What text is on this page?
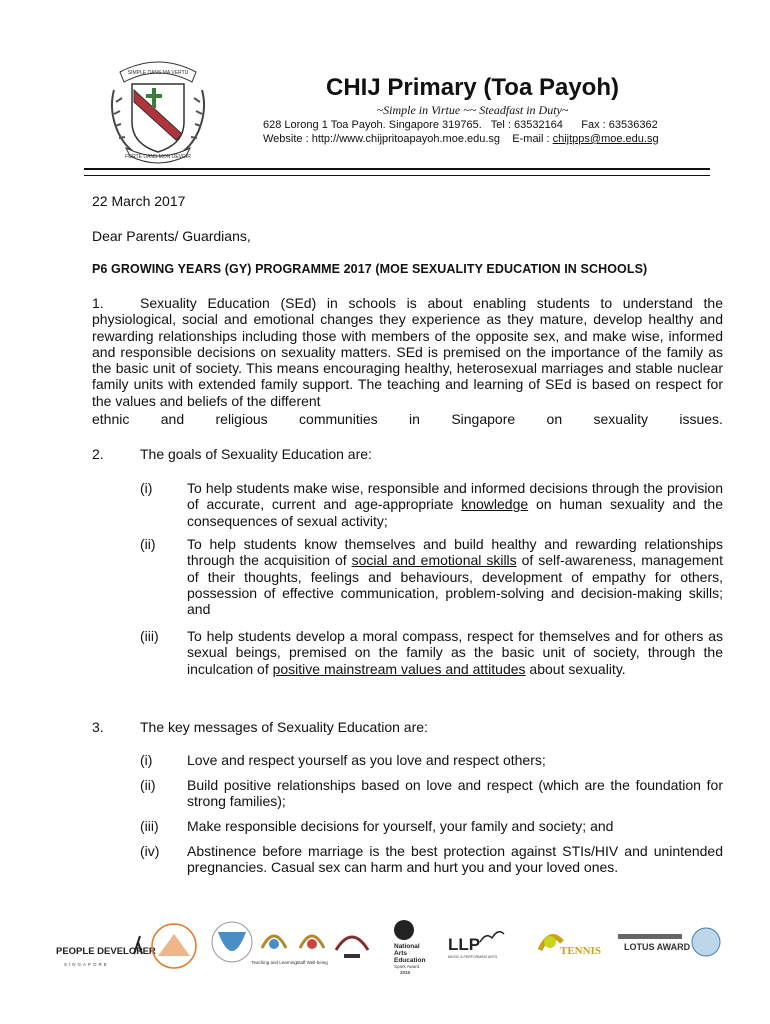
SIMPLE DANS MA VERTU
FORTE DANS MON DEVOIR
CHIJ Primary (Toa Payoh)
~Simple in Virtue ~~ Steadfast in Duty~
628 Lorong 1 Toa Payoh. Singapore 319765. Tel : 63532164 Fax : 63536362
Website : http://www.chijpritoapayoh.moe.edu.sg E-mail : chijtpps@moe.edu.sg
22 March 2017
Dear Parents/ Guardians,
P6 GROWING YEARS (GY) PROGRAMME 2017 (MOE SEXUALITY EDUCATION IN SCHOOLS)
1.	Sexuality Education (SEd) in schools is about enabling students to understand the physiological, social and emotional changes they experience as they mature, develop healthy and rewarding relationships including those with members of the opposite sex, and make wise, informed and responsible decisions on sexuality matters. SEd is premised on the importance of the family as the basic unit of society. This means encouraging healthy, heterosexual marriages and stable nuclear family units with extended family support. The teaching and learning of SEd is based on respect for the values and beliefs of the different
ethnic and religious communities in Singapore on sexuality issues.
2.	The goals of Sexuality Education are:
(i) To help students make wise, responsible and informed decisions through the provision of accurate, current and age-appropriate knowledge on human sexuality and the consequences of sexual activity;
(ii) To help students know themselves and build healthy and rewarding relationships through the acquisition of social and emotional skills of self-awareness, management of their thoughts, feelings and behaviours, development of empathy for others, possession of effective communication, problem-solving and decision-making skills; and
(iii) To help students develop a moral compass, respect for themselves and for others as sexual beings, premised on the family as the basic unit of society, through the inculcation of positive mainstream values and attitudes about sexuality.
3.	The key messages of Sexuality Education are:
(i) Love and respect yourself as you love and respect others;
(ii) Build positive relationships based on love and respect (which are the foundation for strong families);
(iii) Make responsible decisions for yourself, your family and society; and
(iv) Abstinence before marriage is the best protection against STIs/HIV and unintended pregnancies. Casual sex can harm and hurt you and your loved ones.
PEOPLE DEVELOPER
SINGAPORE	Teaching and Learning Staff Well-being
National
Arts
Education
Spark Award
2015
LLP
MUSIC & PERFORMING ARTS	TENNIS	LOTUS AWARD
